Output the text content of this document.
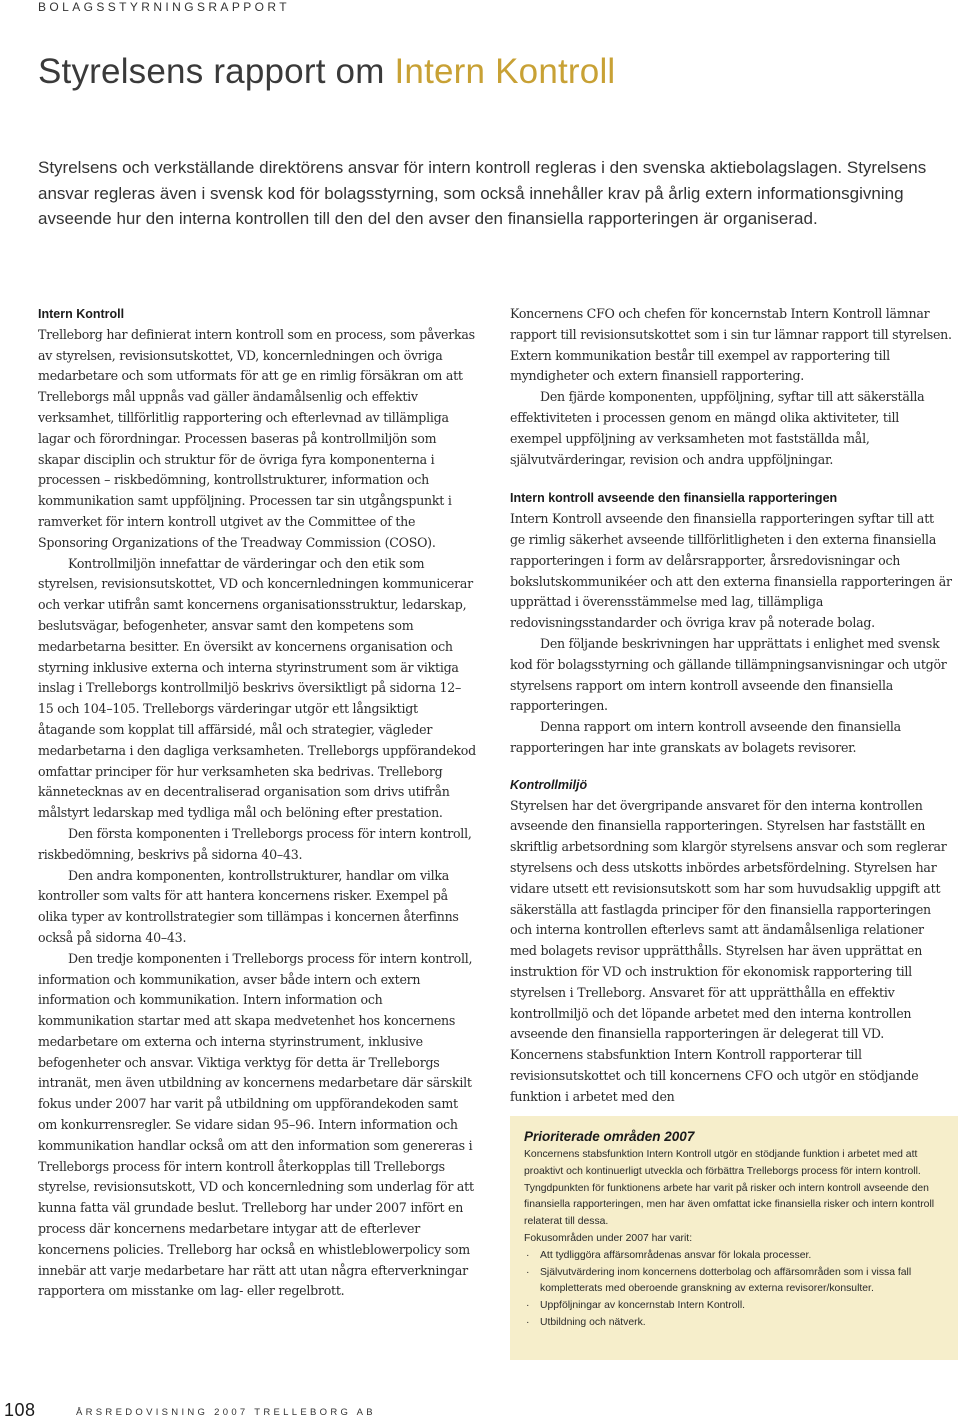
BOLAGSSTYRNINGSRAPPORT
Styrelsens rapport om Intern Kontroll

Styrelsens och verkställande direktörens ansvar för intern kontroll regleras i den svenska aktiebolagslagen. Styrelsens ansvar regleras även i svensk kod för bolagsstyrning, som också innehåller krav på årlig extern informationsgivning avseende hur den interna kontrollen till den del den avser den finansiella rapporteringen är organiserad.

Intern Kontroll

Trelleborg har definierat intern kontroll som en process, som påverkas av styrelsen, revisionsutskottet, VD, koncernledningen och övriga medarbetare och som utformats för att ge en rimlig försäkran om att Trelleborgs mål uppnås vad gäller ändamålsenlig och effektiv verksamhet, tillförlitlig rapportering och efterlevnad av tillämpliga lagar och förordningar. Processen baseras på kontrollmiljön som skapar disciplin och struktur för de övriga fyra komponenterna i processen – riskbedömning, kontrollstrukturer, information och kommunikation samt uppföljning. Processen tar sin utgångspunkt i ramverket för intern kontroll utgivet av the Committee of the Sponsoring Organizations of the Treadway Commission (COSO).

Kontrollmiljön innefattar de värderingar och den etik som styrelsen, revisionsutskottet, VD och koncernledningen kommunicerar och verkar utifrån samt koncernens organisationsstruktur, ledarskap, beslutsvägar, befogenheter, ansvar samt den kompetens som medarbetarna besitter. En översikt av koncernens organisation och styrning inklusive externa och interna styrinstrument som är viktiga inslag i Trelleborgs kontrollmiljö beskrivs översiktligt på sidorna 12–15 och 104–105. Trelleborgs värderingar utgör ett långsiktigt åtagande som kopplat till affärsidé, mål och strategier, vägleder medarbetarna i den dagliga verksamheten. Trelleborgs uppförandekod omfattar principer för hur verksamheten ska bedrivas. Trelleborg kännetecknas av en decentraliserad organisation som drivs utifrån målstyrt ledarskap med tydliga mål och belöning efter prestation.

Den första komponenten i Trelleborgs process för intern kontroll, riskbedömning, beskrivs på sidorna 40–43.

Den andra komponenten, kontrollstrukturer, handlar om vilka kontroller som valts för att hantera koncernens risker. Exempel på olika typer av kontrollstrategier som tillämpas i koncernen återfinns också på sidorna 40–43.

Den tredje komponenten i Trelleborgs process för intern kontroll, information och kommunikation, avser både intern och extern information och kommunikation. Intern information och kommunikation startar med att skapa medvetenhet hos koncernens medarbetare om externa och interna styrinstrument, inklusive befogenheter och ansvar. Viktiga verktyg för detta är Trelleborgs intranät, men även utbildning av koncernens medarbetare där särskilt fokus under 2007 har varit på utbildning om uppförandekoden samt om konkurrensregler. Se vidare sidan 95–96. Intern information och kommunikation handlar också om att den information som genereras i Trelleborgs process för intern kontroll återkopplas till Trelleborgs styrelse, revisionsutskott, VD och koncernledning som underlag för att kunna fatta väl grundade beslut. Trelleborg har under 2007 infört en process där koncernens medarbetare intygar att de efterlever koncernens policies. Trelleborg har också en whistleblowerpolicy som innebär att varje medarbetare har rätt att utan några efterverkningar rapportera om misstanke om lag- eller regelbrott.

Koncernens CFO och chefen för koncernstab Intern Kontroll lämnar rapport till revisionsutskottet som i sin tur lämnar rapport till styrelsen. Extern kommunikation består till exempel av rapportering till myndigheter och extern finansiell rapportering.

Den fjärde komponenten, uppföljning, syftar till att säkerställa effektiviteten i processen genom en mängd olika aktiviteter, till exempel uppföljning av verksamheten mot fastställda mål, självutvärderingar, revision och andra uppföljningar.

Intern kontroll avseende den finansiella rapporteringen

Intern Kontroll avseende den finansiella rapporteringen syftar till att ge rimlig säkerhet avseende tillförlitligheten i den externa finansiella rapporteringen i form av delårsrapporter, årsredovisningar och bokslutskommunikéer och att den externa finansiella rapporteringen är upprättad i överensstämmelse med lag, tillämpliga redovisningsstandarder och övriga krav på noterade bolag.

Den följande beskrivningen har upprättats i enlighet med svensk kod för bolagsstyrning och gällande tillämpningsanvisningar och utgör styrelsens rapport om intern kontroll avseende den finansiella rapporteringen.

Denna rapport om intern kontroll avseende den finansiella rapporteringen har inte granskats av bolagets revisorer.

Kontrollmiljö

Styrelsen har det övergripande ansvaret för den interna kontrollen avseende den finansiella rapporteringen. Styrelsen har fastställt en skriftlig arbetsordning som klargör styrelsens ansvar och som reglerar styrelsens och dess utskotts inbördes arbetsfördelning. Styrelsen har vidare utsett ett revisionsutskott som har som huvudsaklig uppgift att säkerställa att fastlagda principer för den finansiella rapporteringen och interna kontrollen efterlevs samt att ändamålsenliga relationer med bolagets revisor upprätthålls. Styrelsen har även upprättat en instruktion för VD och instruktion för ekonomisk rapportering till styrelsen i Trelleborg. Ansvaret för att upprätthålla en effektiv kontrollmiljö och det löpande arbetet med den interna kontrollen avseende den finansiella rapporteringen är delegerat till VD. Koncernens stabsfunktion Intern Kontroll rapporterar till revisionsutskottet och till koncernens CFO och utgör en stödjande funktion i arbetet med den

Prioriterade områden 2007

Koncernens stabsfunktion Intern Kontroll utgör en stödjande funktion i arbetet med att proaktivt och kontinuerligt utveckla och förbättra Trelleborgs process för intern kontroll. Tyngdpunkten för funktionens arbete har varit på risker och intern kontroll avseende den finansiella rapporteringen, men har även omfattat icke finansiella risker och intern kontroll relaterat till dessa.

Fokusområden under 2007 har varit:

· Att tydliggöra affärsområdenas ansvar för lokala processer.
· Självutvärdering inom koncernens dotterbolag och affärsområden som i vissa fall kompletterats med oberoende granskning av externa revisorer/konsulter.
· Uppföljningar av koncernstab Intern Kontroll.
· Utbildning och nätverk.
108	ÅRSREDOVISNING 2007 TRELLEBORG AB
